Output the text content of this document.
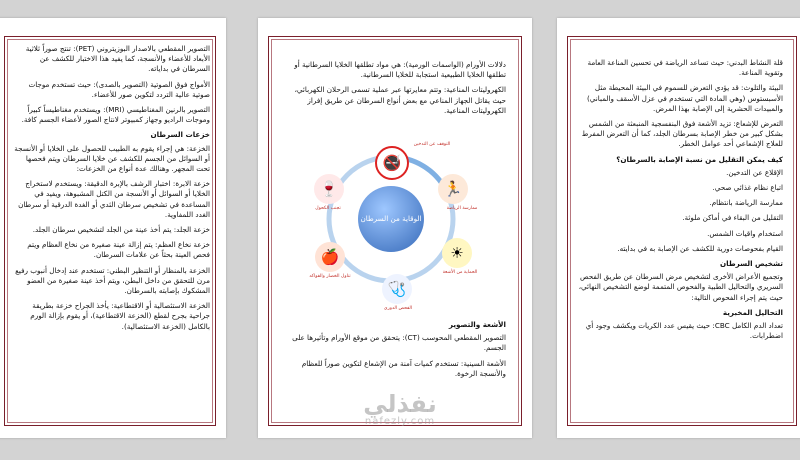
التصوير المقطعي بالاصدار البوزيتروني (PET): تنتج صوراً ثلاثية الأبعاد للأعضاء والأنسجة، كما يفيد هذا الاختبار للكشف عن السرطان في بداياته.

الأمواج فوق الصوتية (التصوير بالصدى): حيث تستخدم موجات صوتية عالية التردد لتكوين صور للأعضاء.

التصوير بالرنين المغناطيسي (MRI): ويستخدم مغناطيساً كبيراً وموجات الراديو وجهاز كمبيوتر لانتاج الصور لأعضاء الجسم كافة.

خزعات السرطان

الخزعة: هي إجراء يقوم به الطبيب للحصول على الخلايا أو الأنسجة أو السوائل من الجسم للكشف عن خلايا السرطان ويتم فحصها تحت المجهر. وهنالك عدة أنواع من الخزعات:

خزعة الابرة: اختبار الرشف بالإبرة الدقيقة: ويستخدم لاستخراج الخلايا أو السوائل أو الأنسجة من الكتل المشبوهة، ويفيد في المساعدة في تشخيص سرطان الثدي أو الغدة الدرقية أو سرطان الغدد اللمفاوية.

خزعة الجلد: يتم أخذ عينة من الجلد لتشخيص سرطان الجلد.

خزعة نخاع العظم: يتم إزالة عينة صغيرة من نخاع العظام ويتم فحص العينة بحثاً عن علامات السرطان.

الخزعة بالمنظار أو التنظير البطني: تستخدم عند إدخال أنبوب رفيع مرن للتحقق من داخل البطن، ويتم أخذ عينة صغيرة من العضو المشكوك بإصابته بالسرطان.

الخزعة الاستئصالية أو الاقتطاعية: يأخذ الجراح خزعة بطريقة جراحية بجرح لقطع (الخزعة الاقتطاعية)، أو يقوم بإزالة الورم بالكامل (الخزعة الاستئصالية).

دلالات الأورام (الواسمات الورمية): هي مواد تطلقها الخلايا السرطانية أو تطلقها الخلايا الطبيعية استجابة للخلايا السرطانية.

الكهروليتات المناعية: وتتم معايرتها عبر عملية تسمى الرحلان الكهربائي، حيث يقاتل الجهاز المناعي مع بعض أنواع السرطان عن طريق إفراز الكهروليتات المناعية.

الوقاية من السرطان
🚭
🏃
☀
🩺
🍎
🍷
التوقف عن التدخين
ممارسة الرياضة
الحماية من الأشعة
الفحص الدوري
تناول الخضار والفواكه
تجنب الكحول

الأشعة والتصوير

التصوير المقطعي المحوسب (CT): يتحقق من موقع الأورام وتأثيرها على الجسم.

الأشعة السينية: تستخدم كميات آمنة من الإشعاع لتكوين صوراً للعظام والأنسجة الرخوة.

قلة النشاط البدني: حيث تساعد الرياضة في تحسين المناعة العامة وتقوية المناعة.

البيئة والتلوث: قد يؤدي التعرض للسموم في البيئة المحيطة مثل الأسبستوس (وهي المادة التي تستخدم في عزل الأسقف والمباني) والمبيدات الحشرية إلى الإصابة بهذا المرض.

التعرض للإشعاع: تزيد الأشعة فوق البنفسجية المنبعثة من الشمس بشكل كبير من خطر الإصابة بسرطان الجلد، كما أن التعرض المفرط للعلاج الإشعاعي أحد عوامل الخطر.

كيف يمكن التقليل من نسبة الإصابة بالسرطان؟

الإقلاع عن التدخين.

اتباع نظام غذائي صحي.

ممارسة الرياضة بانتظام.

التقليل من البقاء في أماكن ملوثة.

استخدام واقيات الشمس.

القيام بفحوصات دورية للكشف عن الإصابة به في بدايته.

تشخيص السرطان

وتجميع الأعراض الأخرى لتشخيص مرض السرطان عن طريق الفحص السريري والتحاليل الطبية والفحوص المتممة لوضع التشخيص النهائي، حيث يتم إجراء الفحوص التالية:

التحاليل المخبرية

تعداد الدم الكامل CBC: حيث يقيس عدد الكريات ويكشف وجود أي اضطرابات.

نفذلي
nafezly.com
